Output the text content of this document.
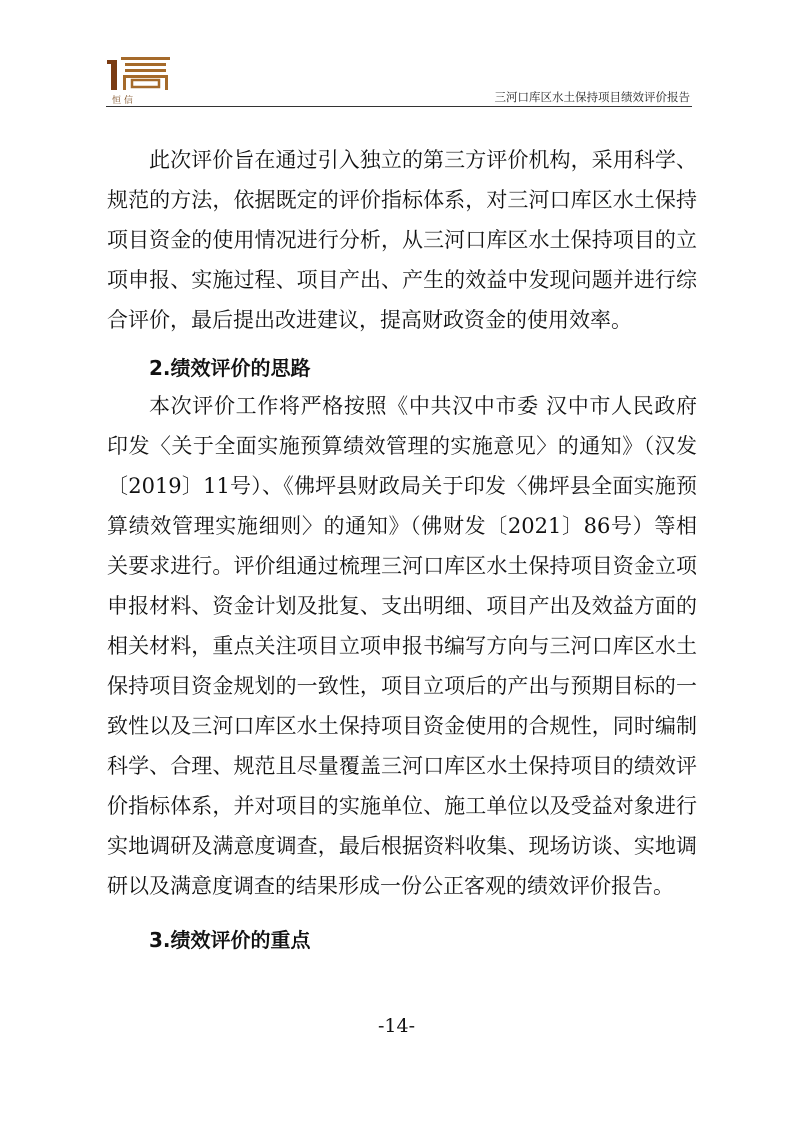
恒信	三河口库区水土保持项目绩效评价报告

此次评价旨在通过引入独立的第三方评价机构，采用科学、规范的方法，依据既定的评价指标体系，对三河口库区水土保持项目资金的使用情况进行分析，从三河口库区水土保持项目的立项申报、实施过程、项目产出、产生的效益中发现问题并进行综合评价，最后提出改进建议，提高财政资金的使用效率。

2.绩效评价的思路

本次评价工作将严格按照《中共汉中市委 汉中市人民政府印发〈关于全面实施预算绩效管理的实施意见〉的通知》（汉发〔2019〕11号）、《佛坪县财政局关于印发〈佛坪县全面实施预算绩效管理实施细则〉的通知》（佛财发〔2021〕86号）等相关要求进行。评价组通过梳理三河口库区水土保持项目资金立项申报材料、资金计划及批复、支出明细、项目产出及效益方面的相关材料，重点关注项目立项申报书编写方向与三河口库区水土保持项目资金规划的一致性，项目立项后的产出与预期目标的一致性以及三河口库区水土保持项目资金使用的合规性，同时编制科学、合理、规范且尽量覆盖三河口库区水土保持项目的绩效评价指标体系，并对项目的实施单位、施工单位以及受益对象进行实地调研及满意度调查，最后根据资料收集、现场访谈、实地调研以及满意度调查的结果形成一份公正客观的绩效评价报告。

3.绩效评价的重点

-14-
